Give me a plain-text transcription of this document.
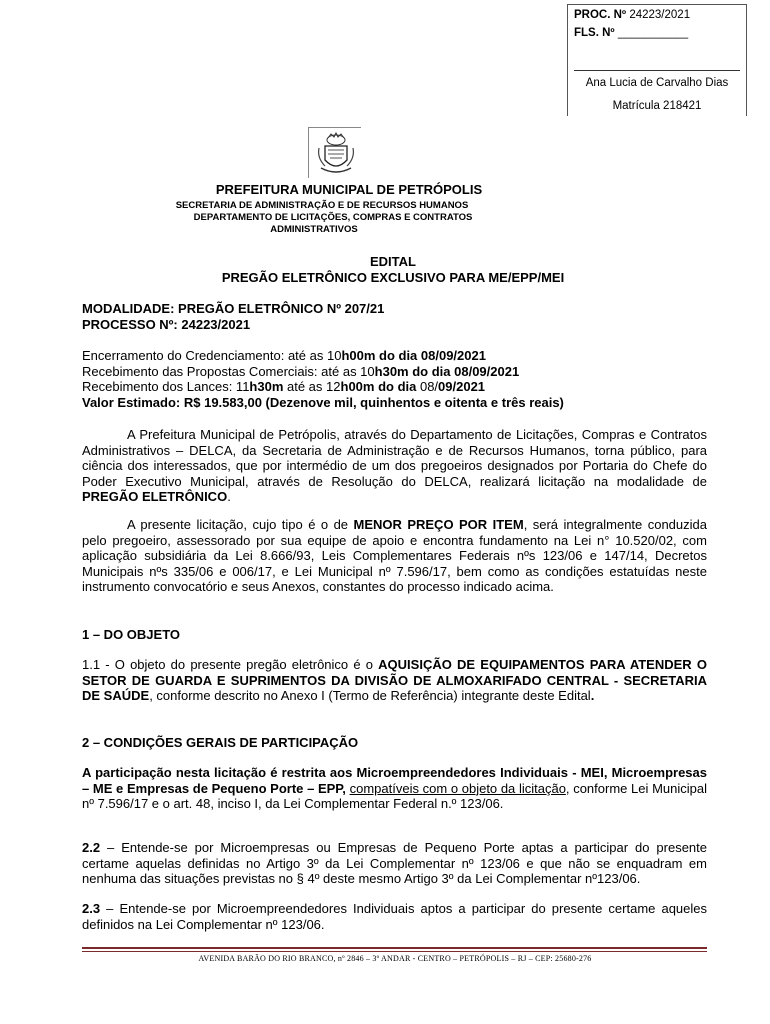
PROC. Nº 24223/2021
FLS. Nº ___________
Ana Lucia de Carvalho Dias
Matrícula 218421
PREFEITURA MUNICIPAL DE PETRÓPOLIS
SECRETARIA DE ADMINISTRAÇÃO E DE RECURSOS HUMANOS
DEPARTAMENTO DE LICITAÇÕES, COMPRAS E CONTRATOS
ADMINISTRATIVOS
EDITAL
PREGÃO ELETRÔNICO EXCLUSIVO PARA ME/EPP/MEI
MODALIDADE: PREGÃO ELETRÔNICO Nº 207/21
PROCESSO Nº: 24223/2021
Encerramento do Credenciamento: até as 10h00m do dia 08/09/2021
Recebimento das Propostas Comerciais: até as 10h30m do dia 08/09/2021
Recebimento dos Lances: 11h30m até as 12h00m do dia 08/09/2021
Valor Estimado: R$ 19.583,00 (Dezenove mil, quinhentos e oitenta e três reais)
A Prefeitura Municipal de Petrópolis, através do Departamento de Licitações, Compras e Contratos Administrativos – DELCA, da Secretaria de Administração e de Recursos Humanos, torna público, para ciência dos interessados, que por intermédio de um dos pregoeiros designados por Portaria do Chefe do Poder Executivo Municipal, através de Resolução do DELCA, realizará licitação na modalidade de PREGÃO ELETRÔNICO.
A presente licitação, cujo tipo é o de MENOR PREÇO POR ITEM, será integralmente conduzida pelo pregoeiro, assessorado por sua equipe de apoio e encontra fundamento na Lei n° 10.520/02, com aplicação subsidiária da Lei 8.666/93, Leis Complementares Federais nºs 123/06 e 147/14, Decretos Municipais nºs 335/06 e 006/17, e Lei Municipal nº 7.596/17, bem como as condições estatuídas neste instrumento convocatório e seus Anexos, constantes do processo indicado acima.
1 – DO OBJETO
1.1 - O objeto do presente pregão eletrônico é o AQUISIÇÃO DE EQUIPAMENTOS PARA ATENDER O SETOR DE GUARDA E SUPRIMENTOS DA DIVISÃO DE ALMOXARIFADO CENTRAL - SECRETARIA DE SAÚDE, conforme descrito no Anexo I (Termo de Referência) integrante deste Edital.
2 – CONDIÇÕES GERAIS DE PARTICIPAÇÃO
A participação nesta licitação é restrita aos Microempreendedores Individuais - MEI, Microempresas – ME e Empresas de Pequeno Porte – EPP, compatíveis com o objeto da licitação, conforme Lei Municipal nº 7.596/17 e o art. 48, inciso I, da Lei Complementar Federal n.º 123/06.
2.2 – Entende-se por Microempresas ou Empresas de Pequeno Porte aptas a participar do presente certame aquelas definidas no Artigo 3º da Lei Complementar nº 123/06 e que não se enquadram em nenhuma das situações previstas no § 4º deste mesmo Artigo 3º da Lei Complementar nº123/06.
2.3 – Entende-se por Microempreendedores Individuais aptos a participar do presente certame aqueles definidos na Lei Complementar nº 123/06.
AVENIDA BARÃO DO RIO BRANCO, nº 2846 – 3º ANDAR - CENTRO – PETRÓPOLIS – RJ – CEP: 25680-276
